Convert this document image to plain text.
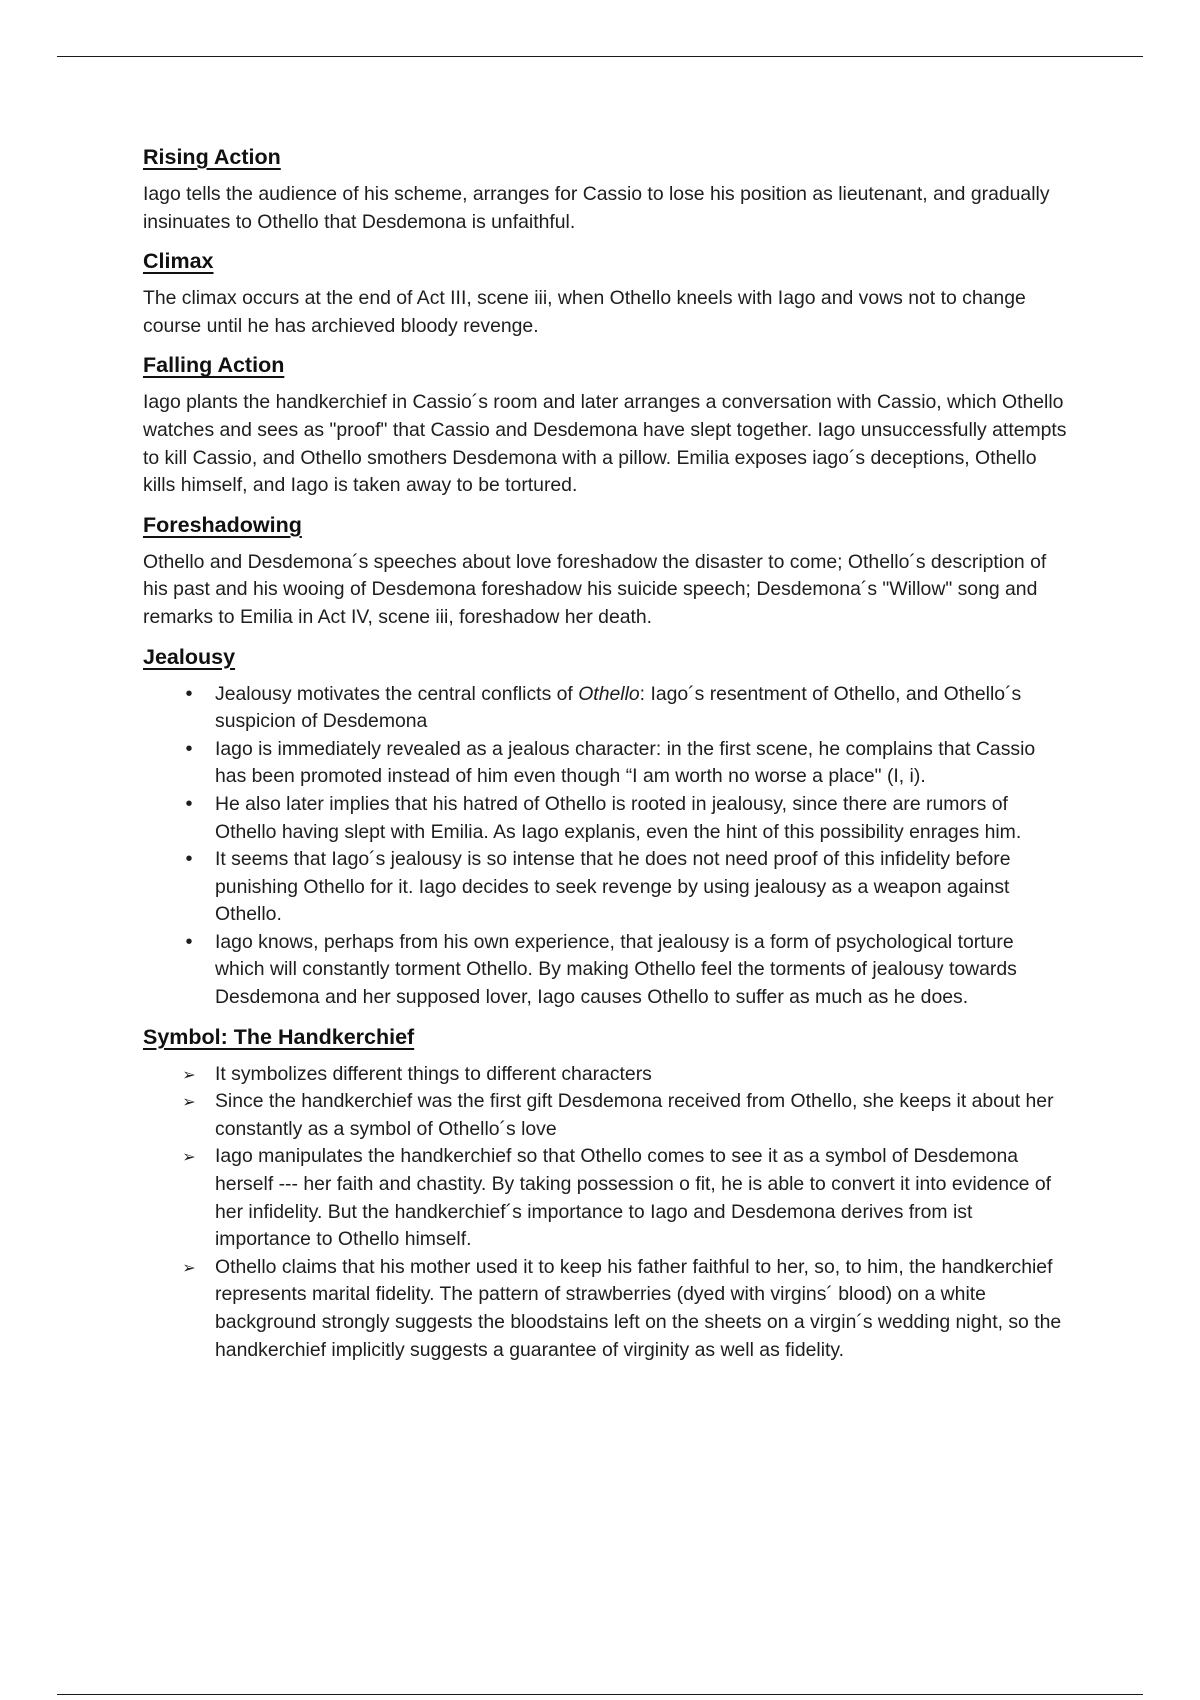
Rising Action

Iago tells the audience of his scheme, arranges for Cassio to lose his position as lieutenant, and gradually insinuates to Othello that Desdemona is unfaithful.

Climax

The climax occurs at the end of Act III, scene iii, when Othello kneels with Iago and vows not to change course until he has archieved bloody revenge.

Falling Action

Iago plants the handkerchief in Cassio´s room and later arranges a conversation with Cassio, which Othello watches and sees as "proof" that Cassio and Desdemona have slept together. Iago unsuccessfully attempts to kill Cassio, and Othello smothers Desdemona with a pillow. Emilia exposes iago´s deceptions, Othello kills himself, and Iago is taken away to be tortured.

Foreshadowing

Othello and Desdemona´s speeches about love foreshadow the disaster to come; Othello´s description of his past and his wooing of Desdemona foreshadow his suicide speech; Desdemona´s "Willow" song and remarks to Emilia in Act IV, scene iii, foreshadow her death.

Jealousy
•
Jealousy motivates the central conflicts of Othello: Iago´s resentment of Othello, and Othello´s suspicion of Desdemona
•
Iago is immediately revealed as a jealous character: in the first scene, he complains that Cassio has been promoted instead of him even though “I am worth no worse a place" (I, i).
•
He also later implies that his hatred of Othello is rooted in jealousy, since there are rumors of Othello having slept with Emilia. As Iago explanis, even the hint of this possibility enrages him.
•
It seems that Iago´s jealousy is so intense that he does not need proof of this infidelity before punishing Othello for it. Iago decides to seek revenge by using jealousy as a weapon against Othello.
•
Iago knows, perhaps from his own experience, that jealousy is a form of psychological torture which will constantly torment Othello. By making Othello feel the torments of jealousy towards Desdemona and her supposed lover, Iago causes Othello to suffer as much as he does.
Symbol: The Handkerchief
➢
It symbolizes different things to different characters
➢
Since the handkerchief was the first gift Desdemona received from Othello, she keeps it about her constantly as a symbol of Othello´s love
➢
Iago manipulates the handkerchief so that Othello comes to see it as a symbol of Desdemona herself --- her faith and chastity. By taking possession o fit, he is able to convert it into evidence of her infidelity. But the handkerchief´s importance to Iago and Desdemona derives from ist importance to Othello himself.
➢
Othello claims that his mother used it to keep his father faithful to her, so, to him, the handkerchief represents marital fidelity. The pattern of strawberries (dyed with virgins´ blood) on a white background strongly suggests the bloodstains left on the sheets on a virgin´s wedding night, so the handkerchief implicitly suggests a guarantee of virginity as well as fidelity.
